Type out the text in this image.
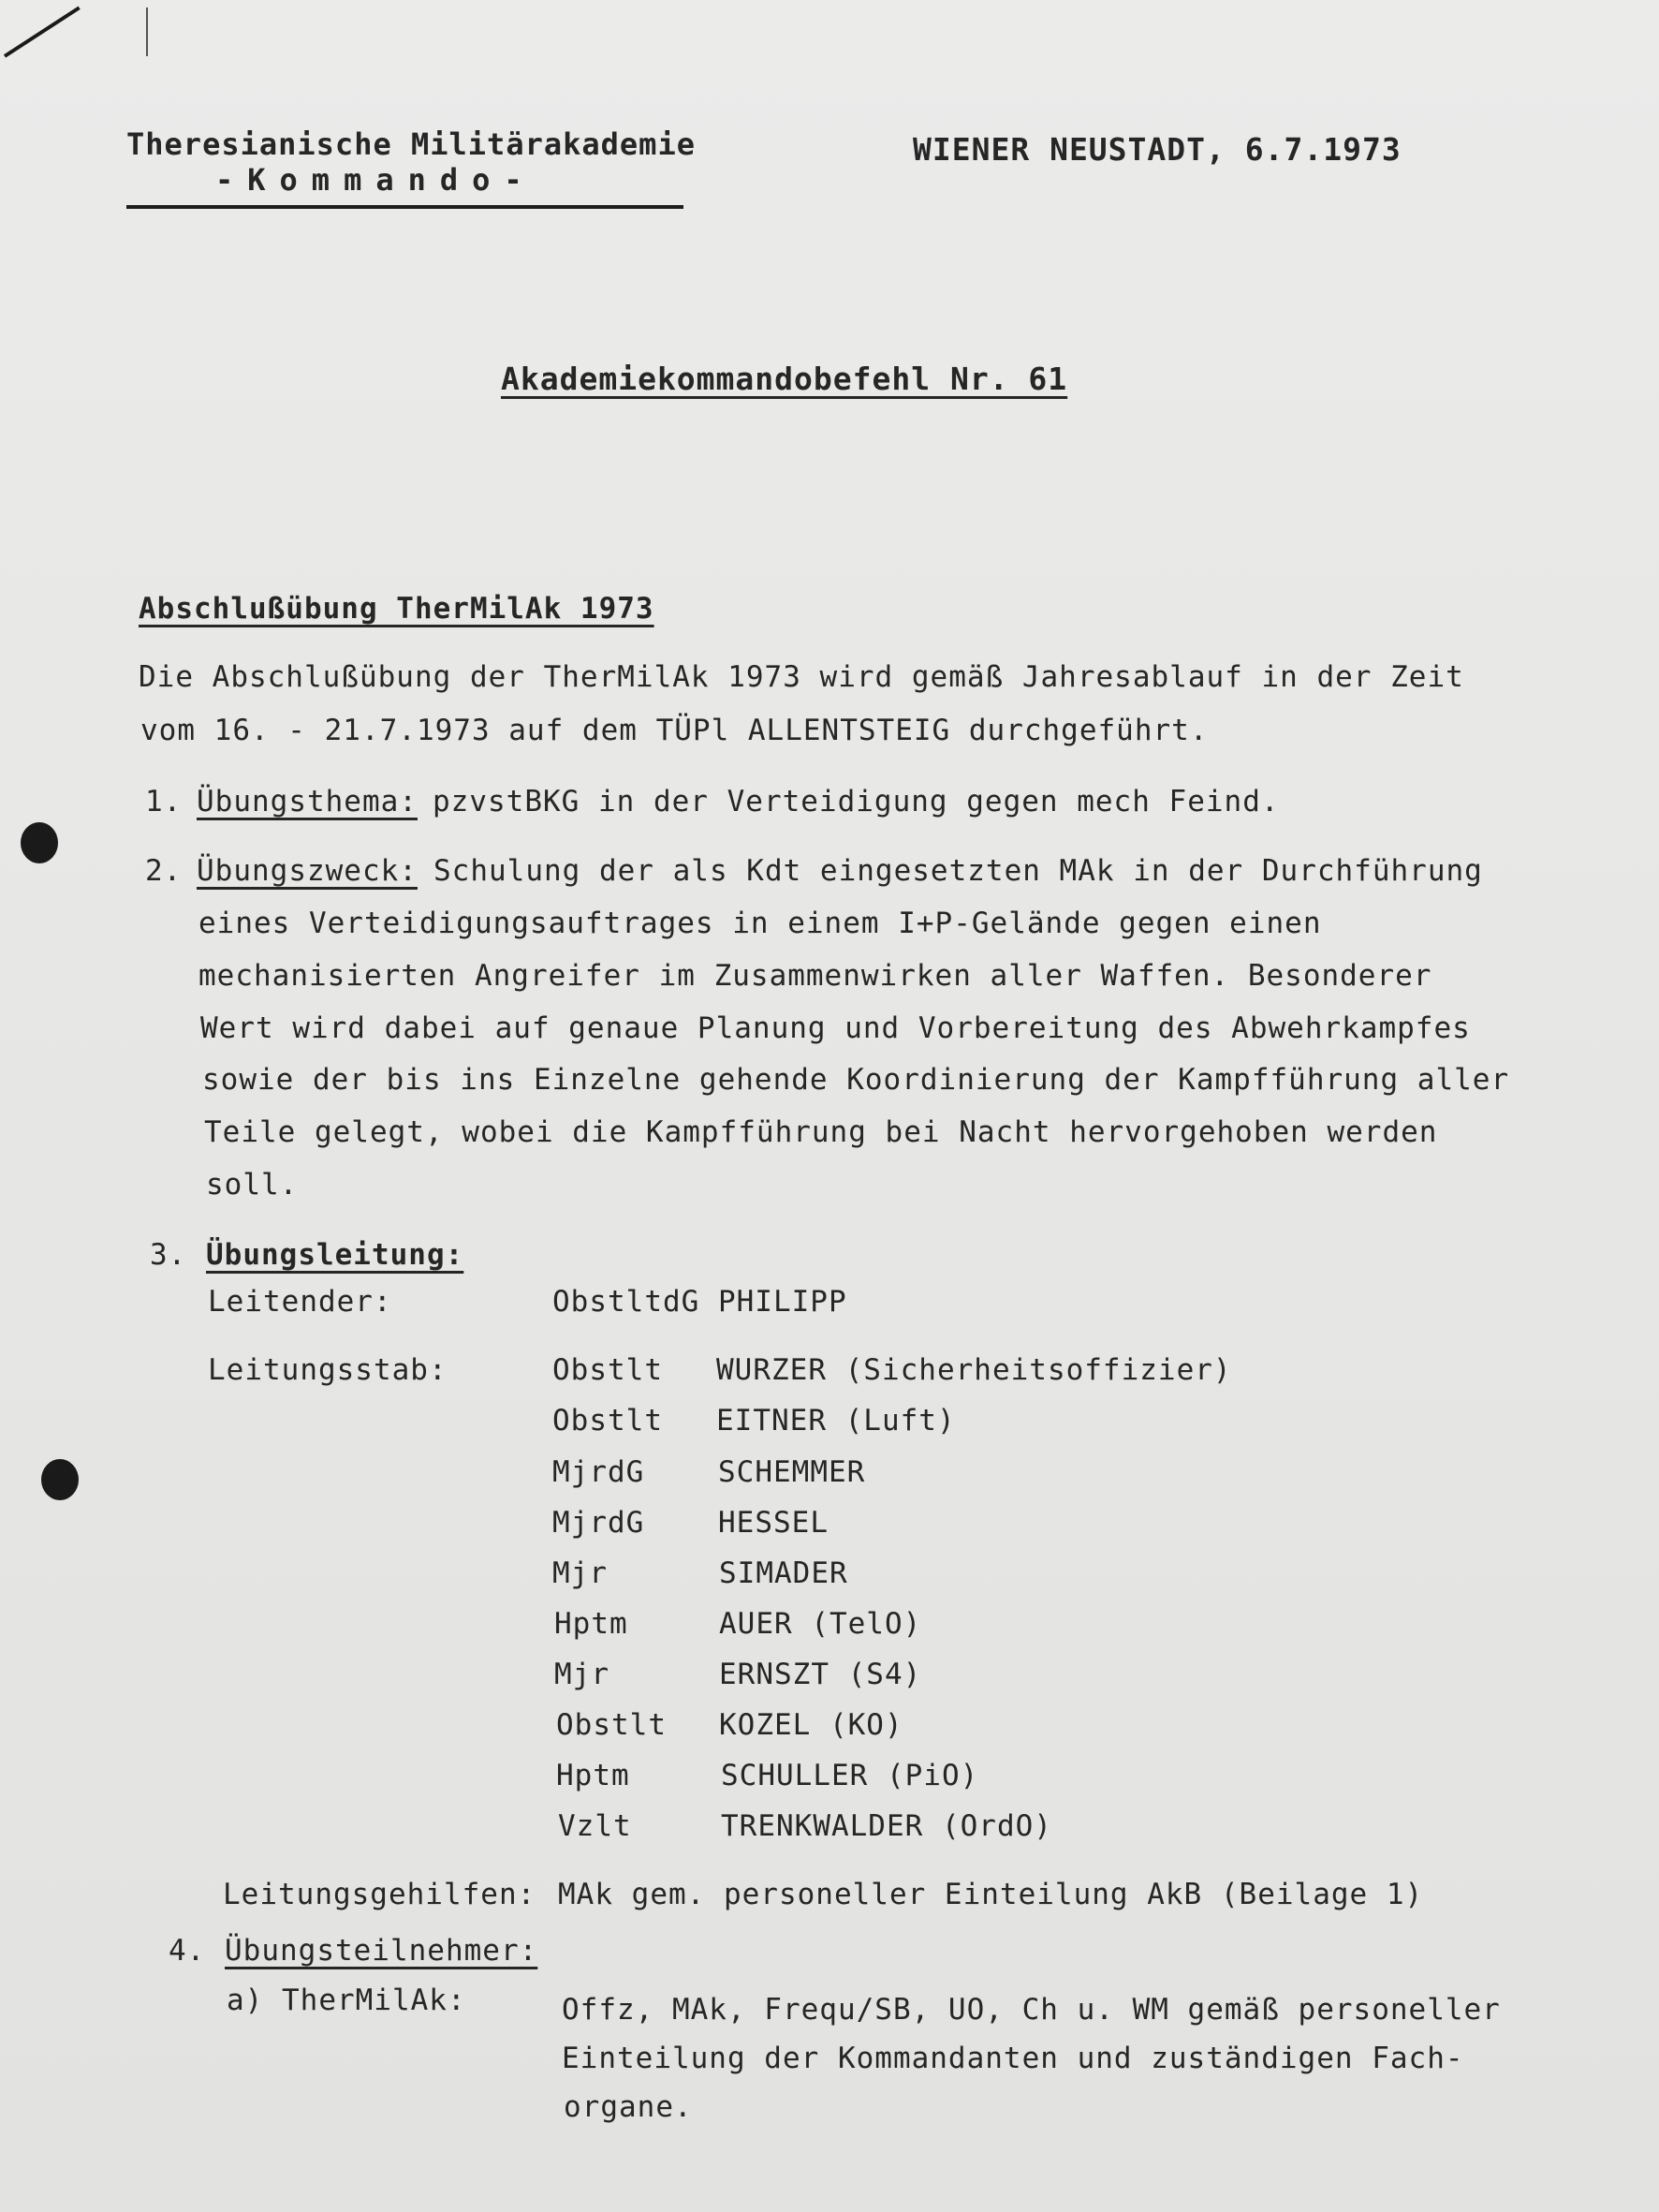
Theresianische Militärakademie
-Kommando-
WIENER NEUSTADT, 6.7.1973
Akademiekommandobefehl Nr. 61
Abschlußübung TherMilAk 1973
Die Abschlußübung der TherMilAk 1973 wird gemäß Jahresablauf in der Zeit
vom 16. - 21.7.1973 auf dem TÜPl ALLENTSTEIG durchgeführt.
1. Übungsthema: pzvstBKG in der Verteidigung gegen mech Feind.
2. Übungszweck: Schulung der als Kdt eingesetzten MAk in der Durchführung
eines Verteidigungsauftrages in einem I+P-Gelände gegen einen
mechanisierten Angreifer im Zusammenwirken aller Waffen. Besonderer
Wert wird dabei auf genaue Planung und Vorbereitung des Abwehrkampfes
sowie der bis ins Einzelne gehende Koordinierung der Kampfführung aller
Teile gelegt, wobei die Kampfführung bei Nacht hervorgehoben werden
soll.
3. Übungsleitung:
Leitender:	ObstltdG PHILIPP
Leitungsstab:	Obstlt WURZER (Sicherheitsoffizier)
Obstlt EITNER (Luft)
MjrdG	SCHEMMER
MjrdG	HESSEL
Mjr	SIMADER
Hptm	AUER (TelO)
Mjr	ERNSZT (S4)
Obstlt KOZEL (KO)
Hptm	SCHULLER (PiO)
Vzlt	TRENKWALDER (OrdO)
Leitungsgehilfen: MAk gem. personeller Einteilung AkB (Beilage 1)
4. Übungsteilnehmer:
a) TherMilAk:	Offz, MAk, Frequ/SB, UO, Ch u. WM gemäß personeller
Einteilung der Kommandanten und zuständigen Fach-
organe.
